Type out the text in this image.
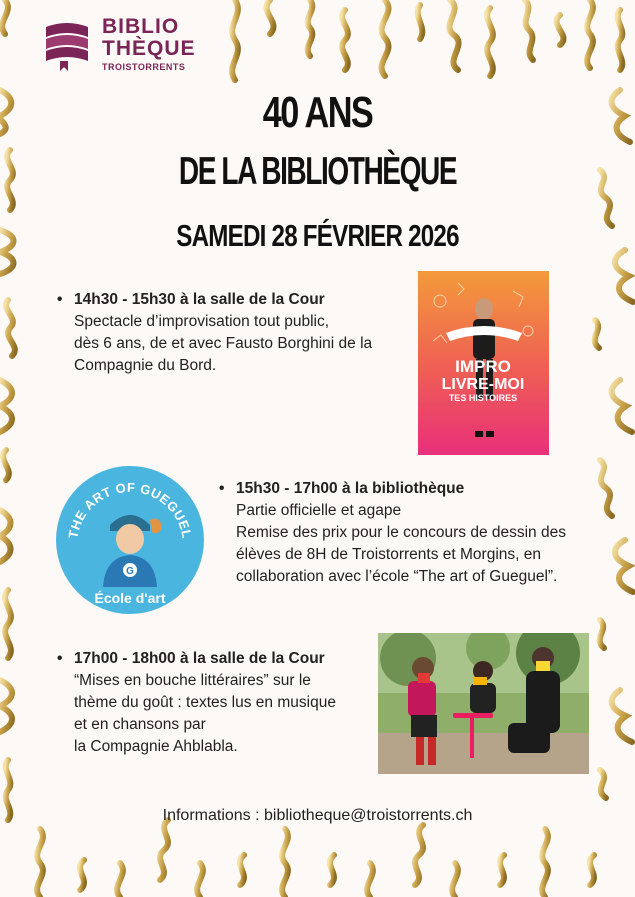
BIBLIO
THÈQUE
TROISTORRENTS
40 ANS
DE LA BIBLIOTHÈQUE
SAMEDI 28 FÉVRIER 2026
• 14h30 - 15h30 à la salle de la Cour
Spectacle d’improvisation tout public,
dès 6 ans, de et avec Fausto Borghini de la
Compagnie du Bord.	IMPRO
LIVRE-MOI
TES HISTOIRES
THE ART OF GUEGUEL
G
École d'art
• 15h30 - 17h00 à la bibliothèque
Partie officielle et agape
Remise des prix pour le concours de dessin des
élèves de 8H de Troistorrents et Morgins, en
collaboration avec l’école “The art of Gueguel”.
• 17h00 - 18h00 à la salle de la Cour
“Mises en bouche littéraires” sur le
thème du goût : textes lus en musique
et en chansons par
la Compagnie Ahblabla.
Informations : bibliotheque@troistorrents.ch
